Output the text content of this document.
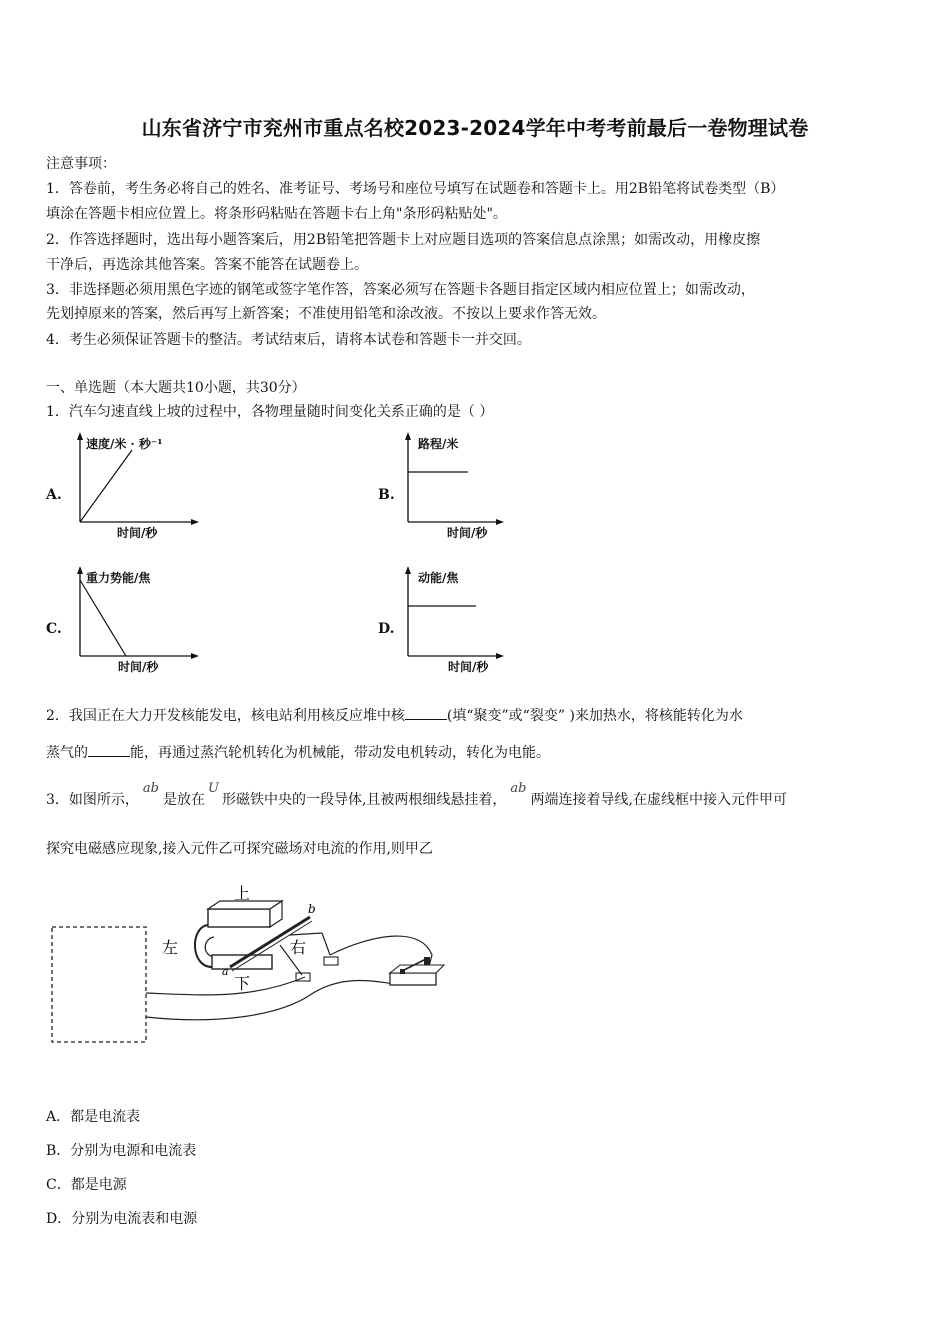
山东省济宁市兖州市重点名校2023-2024学年中考考前最后一卷物理试卷
注意事项：
1．答卷前，考生务必将自己的姓名、准考证号、考场号和座位号填写在试题卷和答题卡上。用2B铅笔将试卷类型（B）
填涂在答题卡相应位置上。将条形码粘贴在答题卡右上角"条形码粘贴处"。
2．作答选择题时，选出每小题答案后，用2B铅笔把答题卡上对应题目选项的答案信息点涂黑；如需改动，用橡皮擦
干净后，再选涂其他答案。答案不能答在试题卷上。
3．非选择题必须用黑色字迹的钢笔或签字笔作答，答案必须写在答题卡各题目指定区域内相应位置上；如需改动，
先划掉原来的答案，然后再写上新答案；不准使用铅笔和涂改液。不按以上要求作答无效。
4．考生必须保证答题卡的整洁。考试结束后，请将本试卷和答题卡一并交回。
一、单选题（本大题共10小题，共30分）
1．汽车匀速直线上坡的过程中，各物理量随时间变化关系正确的是（ ）
A.
速度/米 · 秒⁻¹
时间/秒
B.
路程/米
时间/秒
C.
重力势能/焦
时间/秒
D.
动能/焦
时间/秒
2．我国正在大力开发核能发电，核电站利用核反应堆中核	(填“聚变”或“裂变” )来加热水，将核能转化为水
蒸气的	能，再通过蒸汽轮机转化为机械能，带动发电机转动，转化为电能。
3．如图所示，ab是放在U形磁铁中央的一段导体,且被两根细线悬挂着，ab两端连接着导线,在虚线框中接入元件甲可
探究电磁感应现象,接入元件乙可探究磁场对电流的作用,则甲乙
上
下
左	右
a
b
A．都是电流表
B．分别为电源和电流表
C．都是电源
D．分别为电流表和电源
